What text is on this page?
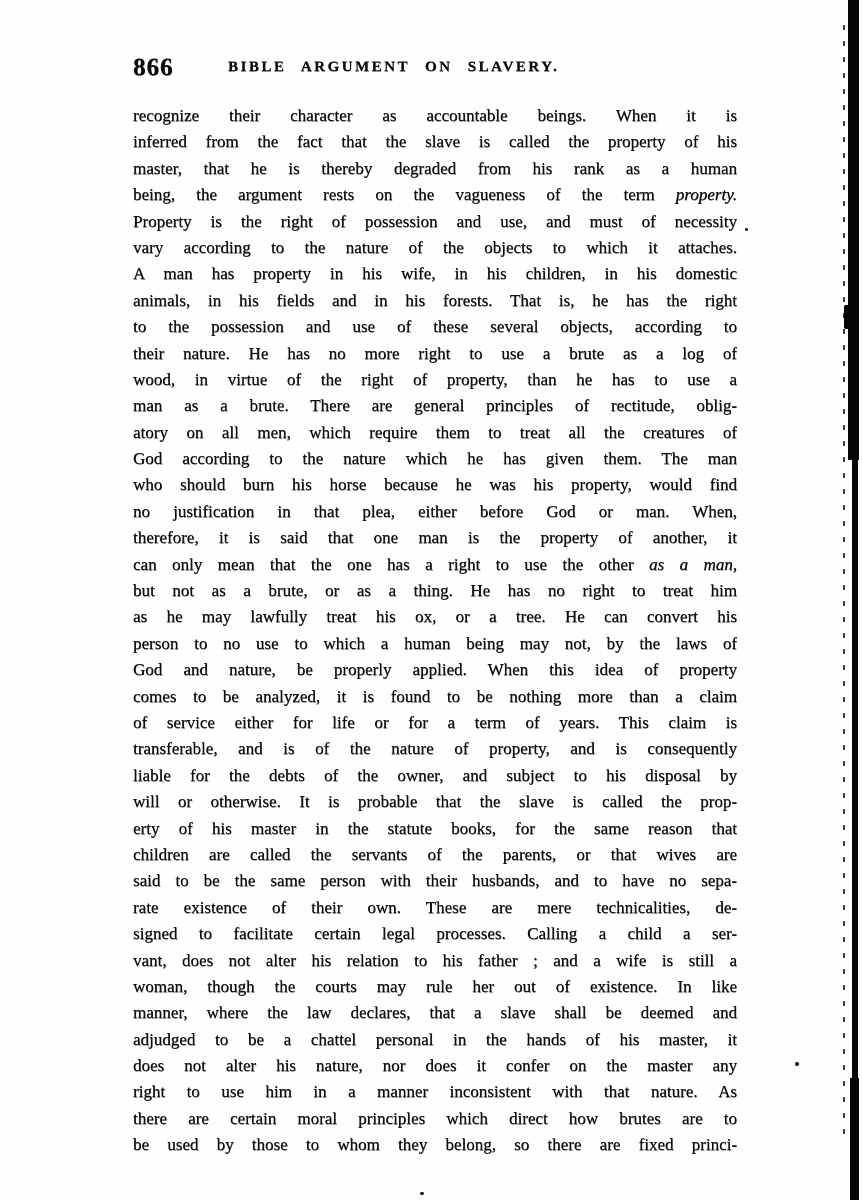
866	BIBLE ARGUMENT ON SLAVERY.
recognize their character as accountable beings. When it is
inferred from the fact that the slave is called the property of his
master, that he is thereby degraded from his rank as a human
being, the argument rests on the vagueness of the term property.
Property is the right of possession and use, and must of necessity
vary according to the nature of the objects to which it attaches.
A man has property in his wife, in his children, in his domestic
animals, in his fields and in his forests. That is, he has the right
to the possession and use of these several objects, according to
their nature. He has no more right to use a brute as a log of
wood, in virtue of the right of property, than he has to use a
man as a brute. There are general principles of rectitude, oblig-
atory on all men, which require them to treat all the creatures of
God according to the nature which he has given them. The man
who should burn his horse because he was his property, would find
no justification in that plea, either before God or man. When,
therefore, it is said that one man is the property of another, it
can only mean that the one has a right to use the other as a man,
but not as a brute, or as a thing. He has no right to treat him
as he may lawfully treat his ox, or a tree. He can convert his
person to no use to which a human being may not, by the laws of
God and nature, be properly applied. When this idea of property
comes to be analyzed, it is found to be nothing more than a claim
of service either for life or for a term of years. This claim is
transferable, and is of the nature of property, and is consequently
liable for the debts of the owner, and subject to his disposal by
will or otherwise. It is probable that the slave is called the prop-
erty of his master in the statute books, for the same reason that
children are called the servants of the parents, or that wives are
said to be the same person with their husbands, and to have no sepa-
rate existence of their own. These are mere technicalities, de-
signed to facilitate certain legal processes. Calling a child a ser-
vant, does not alter his relation to his father ; and a wife is still a
woman, though the courts may rule her out of existence. In like
manner, where the law declares, that a slave shall be deemed and
adjudged to be a chattel personal in the hands of his master, it
does not alter his nature, nor does it confer on the master any
right to use him in a manner inconsistent with that nature. As
there are certain moral principles which direct how brutes are to
be used by those to whom they belong, so there are fixed princi-
